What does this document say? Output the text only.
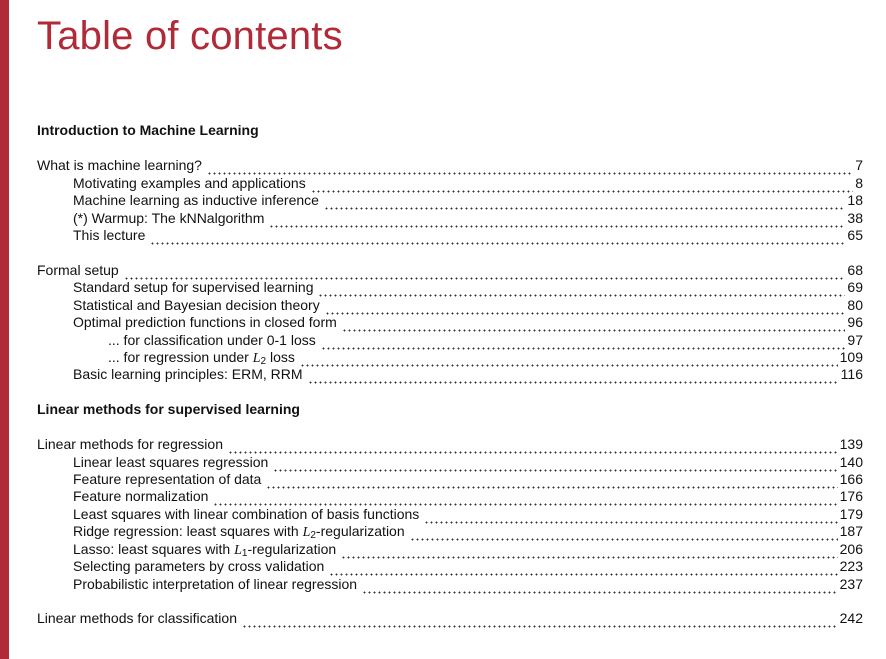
Table of contents
Introduction to Machine Learning
What is machine learning?	7
Motivating examples and applications	8
Machine learning as inductive inference	18
(*) Warmup: The kNNalgorithm	38
This lecture	65
Formal setup	68
Standard setup for supervised learning	69
Statistical and Bayesian decision theory	80
Optimal prediction functions in closed form	96
... for classification under 0-1 loss	97
... for regression under $L_2$ loss	109
Basic learning principles: ERM, RRM	116
Linear methods for supervised learning
Linear methods for regression	139
Linear least squares regression	140
Feature representation of data	166
Feature normalization	176
Least squares with linear combination of basis functions	179
Ridge regression: least squares with $L_2$-regularization	187
Lasso: least squares with $L_1$-regularization	206
Selecting parameters by cross validation	223
Probabilistic interpretation of linear regression	237
Linear methods for classification	242
